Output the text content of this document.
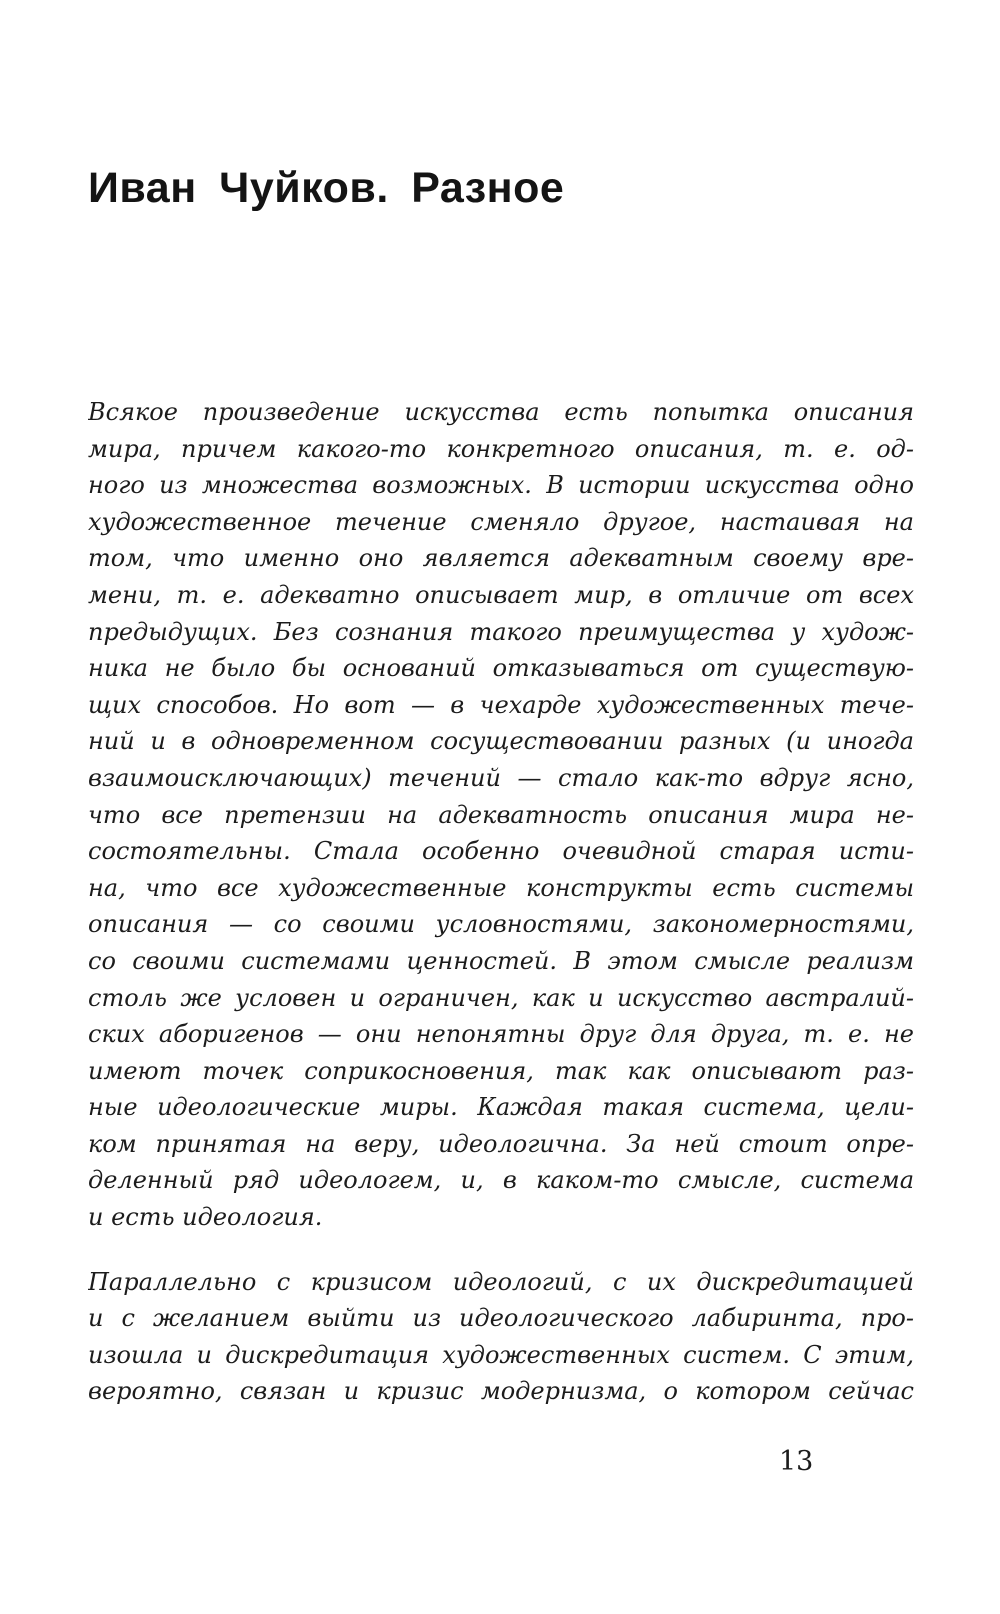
Иван Чуйков. Разное
Всякое произведение искусства есть попытка описания
мира, причем какого-то конкретного описания, т. е. од-
ного из множества возможных. В истории искусства одно
художественное течение сменяло другое, настаивая на
том, что именно оно является адекватным своему вре-
мени, т. е. адекватно описывает мир, в отличие от всех
предыдущих. Без сознания такого преимущества у худож-
ника не было бы оснований отказываться от существую-
щих способов. Но вот — в чехарде художественных тече-
ний и в одновременном сосуществовании разных (и иногда
взаимоисключающих) течений — стало как-то вдруг ясно,
что все претензии на адекватность описания мира не-
состоятельны. Стала особенно очевидной старая исти-
на, что все художественные конструкты есть системы
описания — со своими условностями, закономерностями,
со своими системами ценностей. В этом смысле реализм
столь же условен и ограничен, как и искусство австралий-
ских аборигенов — они непонятны друг для друга, т. е. не
имеют точек соприкосновения, так как описывают раз-
ные идеологические миры. Каждая такая система, цели-
ком принятая на веру, идеологична. За ней стоит опре-
деленный ряд идеологем, и, в каком-то смысле, система
и есть идеология.
Параллельно с кризисом идеологий, с их дискредитацией
и с желанием выйти из идеологического лабиринта, про-
изошла и дискредитация художественных систем. С этим,
вероятно, связан и кризис модернизма, о котором сейчас
13
